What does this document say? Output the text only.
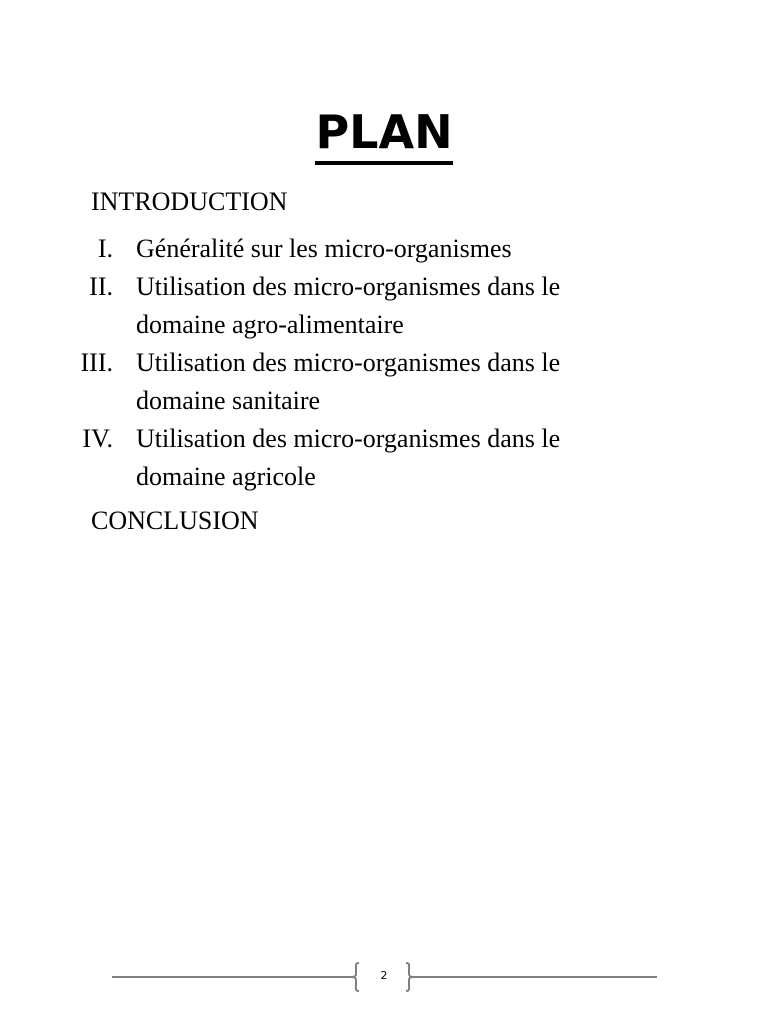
PLAN

INTRODUCTION

I. Généralité sur les micro-organismes
II. Utilisation des micro-organismes dans le domaine agro-alimentaire
III. Utilisation des micro-organismes dans le domaine sanitaire
IV. Utilisation des micro-organismes dans le domaine agricole

CONCLUSION

2
